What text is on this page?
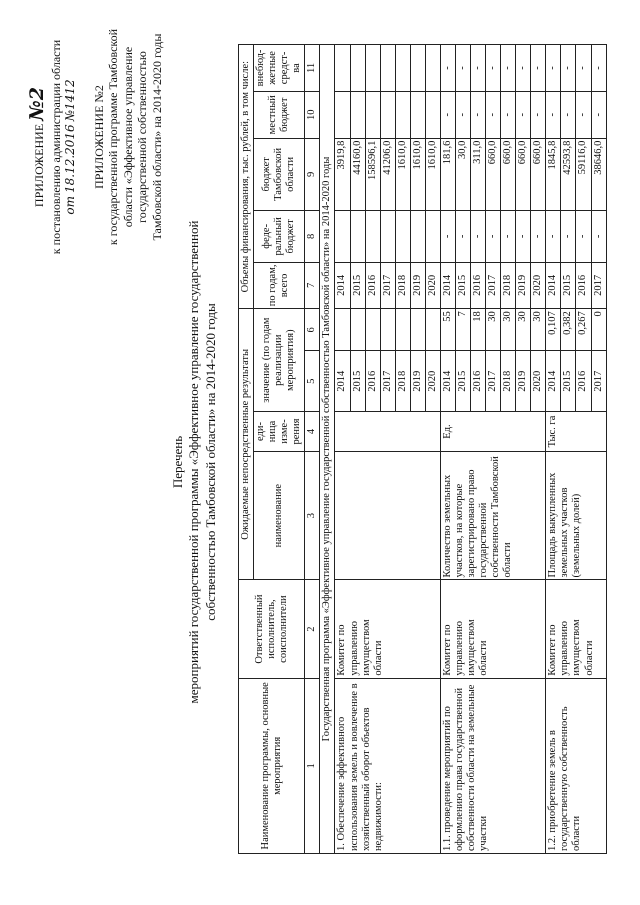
ПРИЛОЖЕНИЕ №2 к постановлению администрации области от 18.12.2016 №1412 ПРИЛОЖЕНИЕ №2 к государственной программе Тамбовской области «Эффективное управление государственной собственностью Тамбовской области» на 2014-2020 годы
Перечень мероприятий государственной программы «Эффективное управление государственной собственностью Тамбовской области» на 2014-2020 годы
Наименование программы, основные мероприятия	Ответственный исполнитель, соисполнители	Ожидаемые непосредственные результаты				Объемы финансирования, тыс. рублей, в том числе:				
		наименование	еди-ница изме-рения	значение (по годам реализации мероприятия)		по годам, всего	феде-ральный бюджет	бюджет Тамбовской области	местный бюджет	внебюд-жетные средст-ва
1	2	3	4	5	6	7	8	9	10	11
Государственная программа «Эффективное управление государственной собственностью Тамбовской области» на 2014-2020 годы										
1. Обеспечение эффективного использования земель и вовлечение в хозяйственный оборот объектов недвижимости:	Комитет по управлению имуществом области			2014		2014		3919,8		
				2015		2015		44160,0		
				2016		2016		158596,1		
				2017		2017		41206,0		
				2018		2018		1610,0		
				2019		2019		1610,0		
				2020		2020		1610,0		
1.1. проведение мероприятий по оформлению права государственной собственности области на земельные участки	Комитет по управлению имуществом области	Количество земельных участков, на которые зарегистрировано право государственной собственности Тамбовской области	Ед.	2014	55	2014	-	181,6	-	-
				2015	7	2015	-	30,0	-	-
				2016	18	2016	-	311,0	-	-
				2017	30	2017	-	660,0	-	-
				2018	30	2018	-	660,0	-	-
				2019	30	2019	-	660,0	-	-
				2020	30	2020	-	660,0	-	-
1.2. приобретение земель в государственную собственность области	Комитет по управлению имуществом области	Площадь выкупленных земельных участков (земельных долей)	Тыс. га	2014	0,107	2014	-	1845,8	-	-
				2015	0,382	2015	-	42593,8	-	-
				2016	0,267	2016	-	59116,0	-	-
				2017	0	2017	-	38646,0	-	-
